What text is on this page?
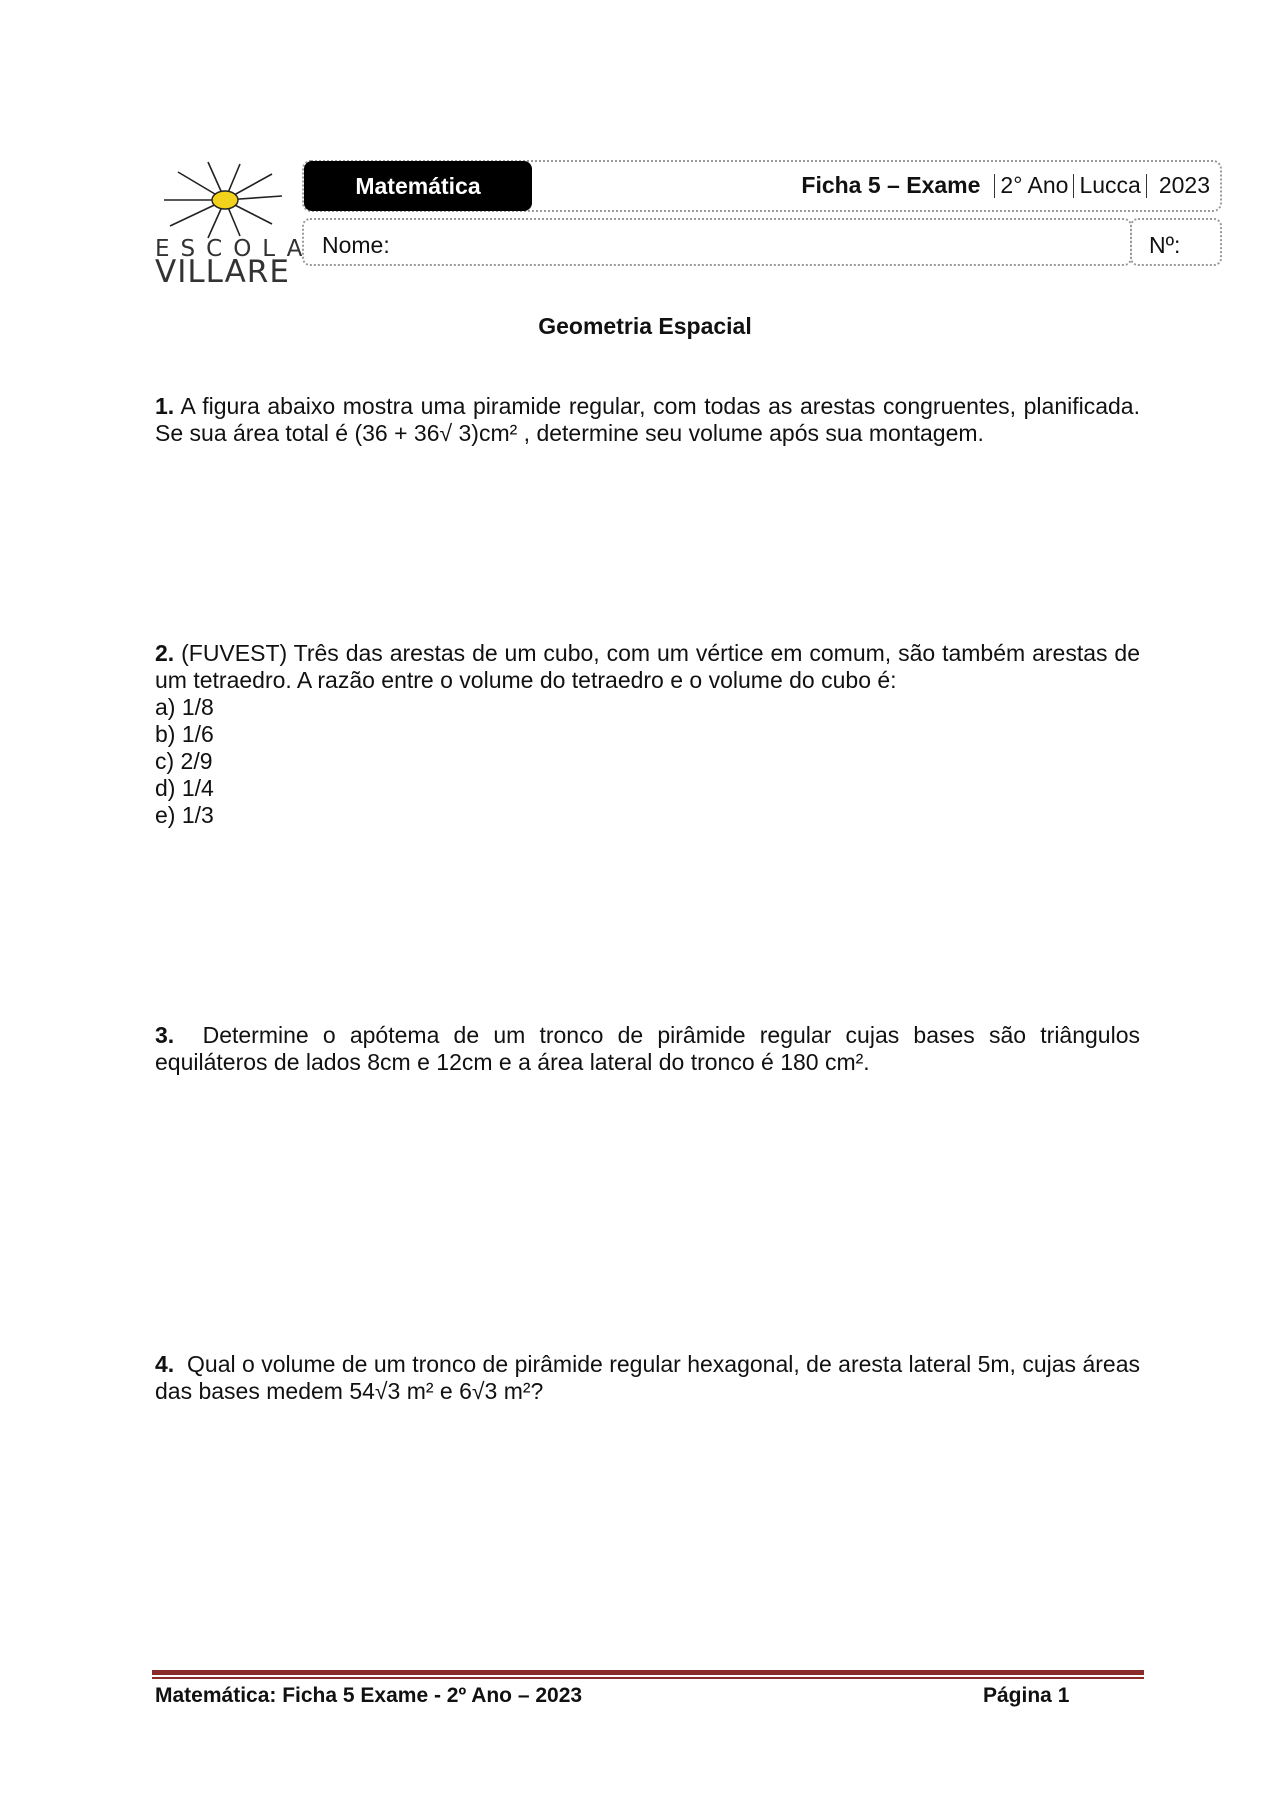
ESCOLA
VILLARE
Matemática	Ficha 5 – Exame 2° Ano Lucca 2023
Nome:	Nº:
Geometria Espacial
1. A figura abaixo mostra uma piramide regular, com todas as arestas congruentes, planificada. Se sua área total é (36 + 36√ 3)cm² , determine seu volume após sua montagem.
2. (FUVEST) Três das arestas de um cubo, com um vértice em comum, são também arestas de um tetraedro. A razão entre o volume do tetraedro e o volume do cubo é:
a) 1/8
b) 1/6
c) 2/9
d) 1/4
e) 1/3
3. Determine o apótema de um tronco de pirâmide regular cujas bases são triângulos equiláteros de lados 8cm e 12cm e a área lateral do tronco é 180 cm².
4. Qual o volume de um tronco de pirâmide regular hexagonal, de aresta lateral 5m, cujas áreas das bases medem 54√3 m² e 6√3 m²?
Matemática: Ficha 5 Exame - 2º Ano – 2023	Página 1
